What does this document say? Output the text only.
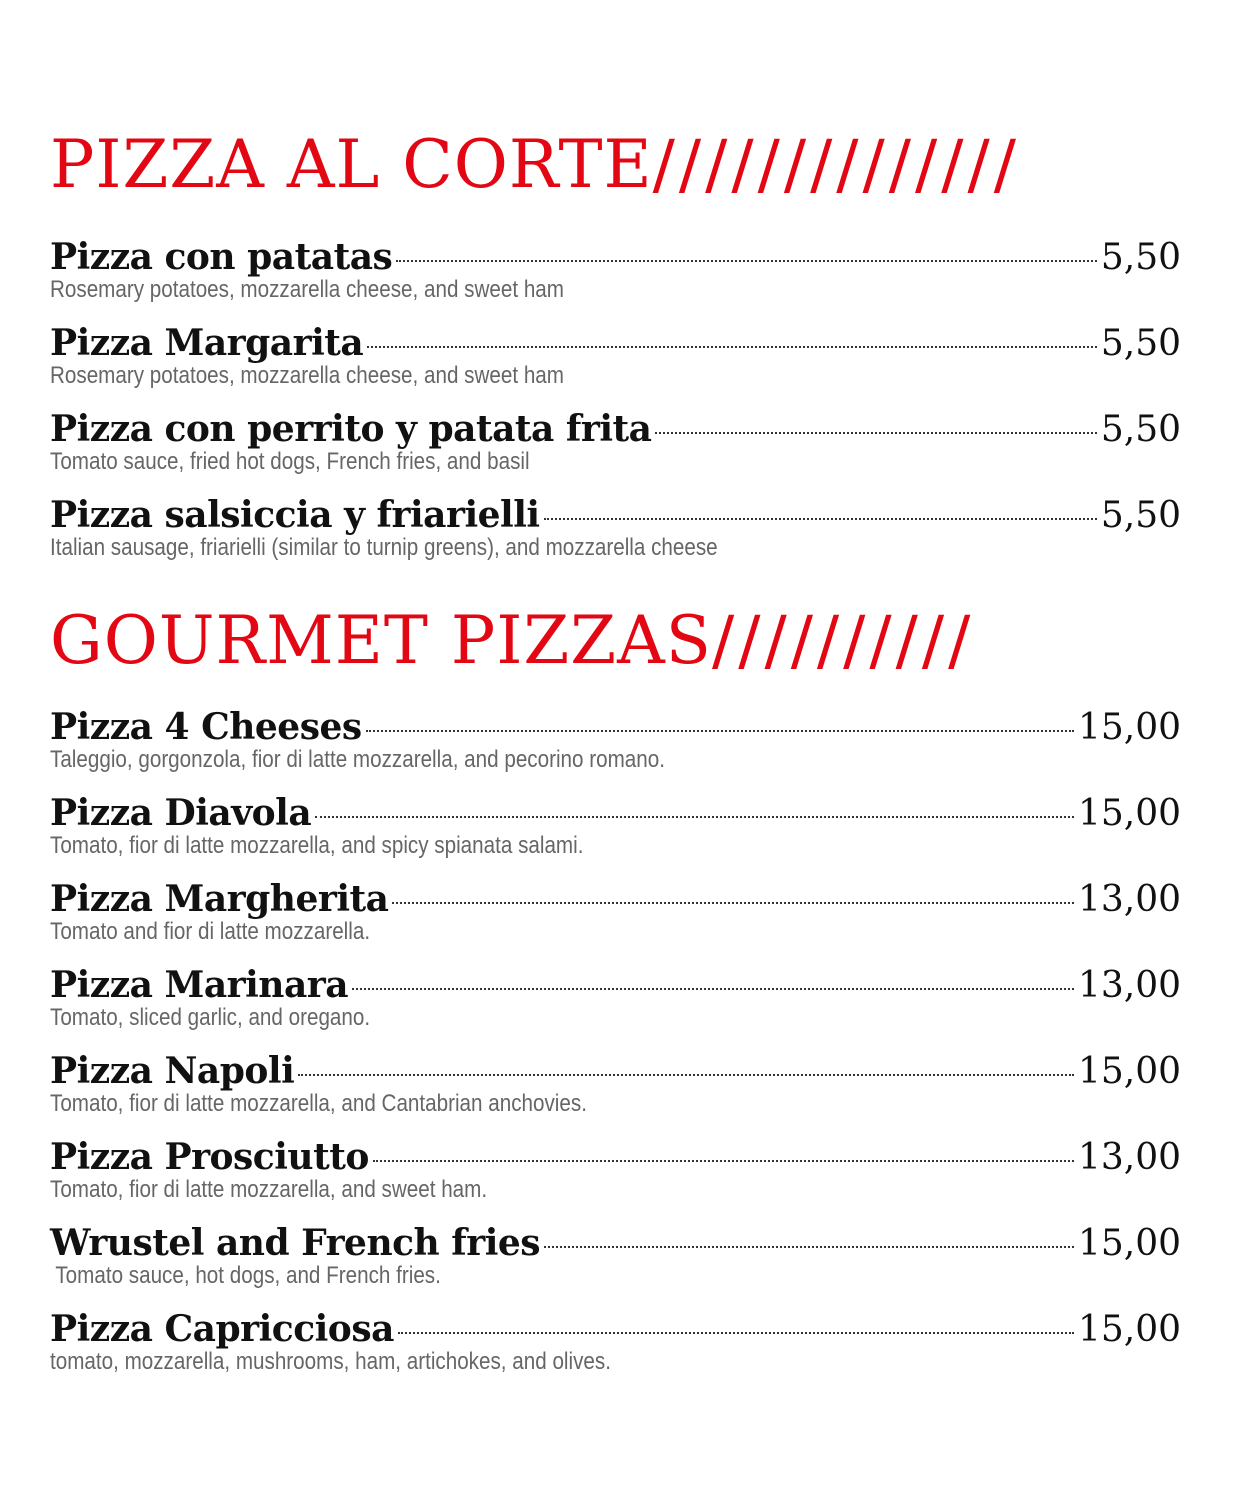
PIZZA AL CORTE//////////////
Pizza con patatas	5,50
Rosemary potatoes, mozzarella cheese, and sweet ham
Pizza Margarita	5,50
Rosemary potatoes, mozzarella cheese, and sweet ham
Pizza con perrito y patata frita	5,50
Tomato sauce, fried hot dogs, French fries, and basil
Pizza salsiccia y friarielli	5,50
Italian sausage, friarielli (similar to turnip greens), and mozzarella cheese
GOURMET PIZZAS//////////
Pizza 4 Cheeses	15,00
Taleggio, gorgonzola, fior di latte mozzarella, and pecorino romano.
Pizza Diavola	15,00
Tomato, fior di latte mozzarella, and spicy spianata salami.
Pizza Margherita	13,00
Tomato and fior di latte mozzarella.
Pizza Marinara	13,00
Tomato, sliced garlic, and oregano.
Pizza Napoli	15,00
Tomato, fior di latte mozzarella, and Cantabrian anchovies.
Pizza Prosciutto	13,00
Tomato, fior di latte mozzarella, and sweet ham.
Wrustel and French fries	15,00
Tomato sauce, hot dogs, and French fries.
Pizza Capricciosa	15,00
tomato, mozzarella, mushrooms, ham, artichokes, and olives.
